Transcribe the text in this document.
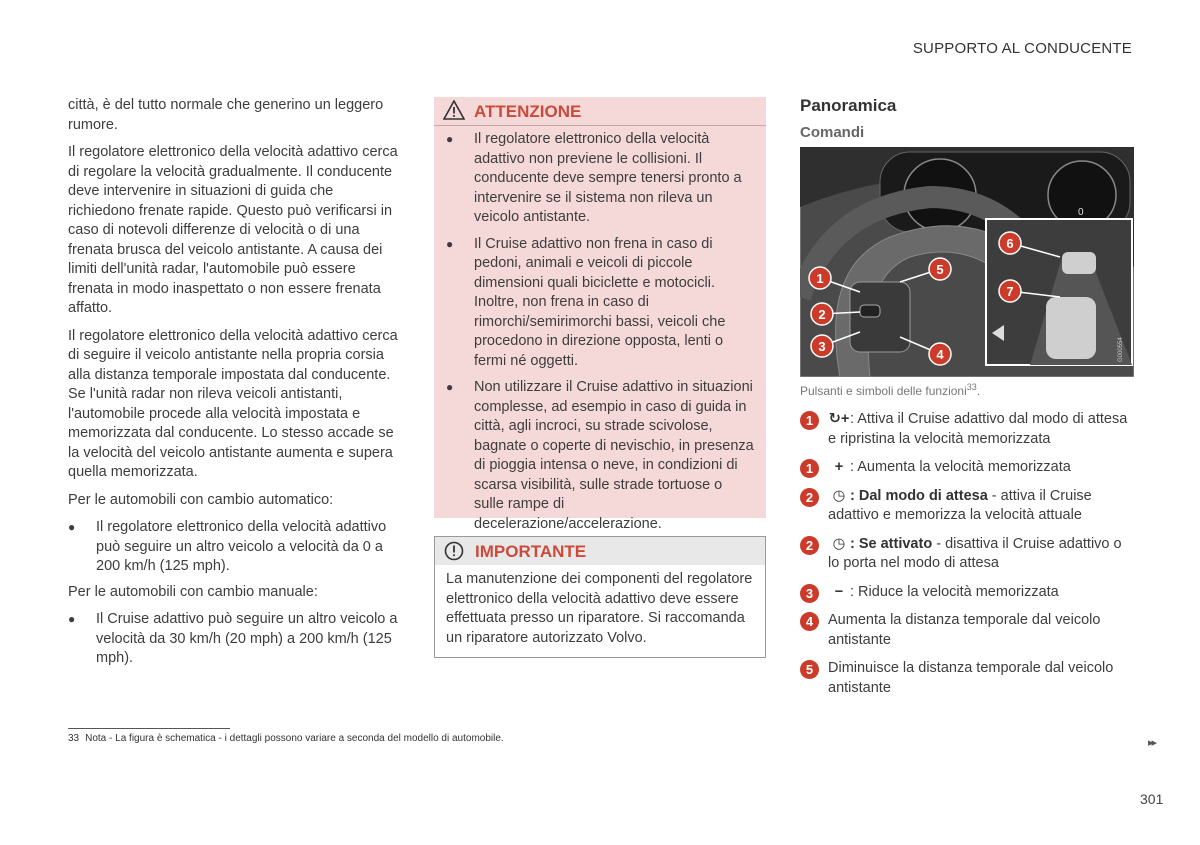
SUPPORTO AL CONDUCENTE

città, è del tutto normale che generino un leggero rumore.

Il regolatore elettronico della velocità adattivo cerca di regolare la velocità gradualmente. Il conducente deve intervenire in situazioni di guida che richiedono frenate rapide. Questo può verificarsi in caso di notevoli differenze di velocità o di una frenata brusca del veicolo antistante. A causa dei limiti dell'unità radar, l'automobile può essere frenata in modo inaspettato o non essere frenata affatto.

Il regolatore elettronico della velocità adattivo cerca di seguire il veicolo antistante nella propria corsia alla distanza temporale impostata dal conducente. Se l'unità radar non rileva veicoli antistanti, l'automobile procede alla velocità impostata e memorizzata dal conducente. Lo stesso accade se la velocità del veicolo antistante aumenta e supera quella memorizzata.

Per le automobili con cambio automatico:

●	Il regolatore elettronico della velocità adattivo può seguire un altro veicolo a velocità da 0 a 200 km/h (125 mph).

Per le automobili con cambio manuale:

●	Il Cruise adattivo può seguire un altro veicolo a velocità da 30 km/h (20 mph) a 200 km/h (125 mph).
ATTENZIONE
●	Il regolatore elettronico della velocità adattivo non previene le collisioni. Il conducente deve sempre tenersi pronto a intervenire se il sistema non rileva un veicolo antistante.
●	Il Cruise adattivo non frena in caso di pedoni, animali e veicoli di piccole dimensioni quali biciclette e motocicli. Inoltre, non frena in caso di rimorchi/semirimorchi bassi, veicoli che procedono in direzione opposta, lenti o fermi né oggetti.
●	Non utilizzare il Cruise adattivo in situazioni complesse, ad esempio in caso di guida in città, agli incroci, su strade scivolose, bagnate o coperte di nevischio, in presenza di pioggia intensa o neve, in condizioni di scarsa visibilità, sulle strade tortuose o sulle rampe di decelerazione/accelerazione.
IMPORTANTE
La manutenzione dei componenti del regolatore elettronico della velocità adattivo deve essere effettuata presso un riparatore. Si raccomanda un riparatore autorizzato Volvo.
Panoramica
Comandi
76
0
G000554
1
2
3
4
5
6
7
Pulsanti e simboli delle funzioni$^{33}$.
1	↻+: Attiva il Cruise adattivo dal modo di attesa e ripristina la velocità memorizzata
1	+ : Aumenta la velocità memorizzata
2	◷ : Dal modo di attesa - attiva il Cruise adattivo e memorizza la velocità attuale
2	◷ : Se attivato - disattiva il Cruise adattivo o lo porta nel modo di attesa
3	− : Riduce la velocità memorizzata
4	Aumenta la distanza temporale dal veicolo antistante
5	Diminuisce la distanza temporale dal veicolo antistante
33 Nota - La figura è schematica - i dettagli possono variare a seconda del modello di automobile.	▸▸
301
